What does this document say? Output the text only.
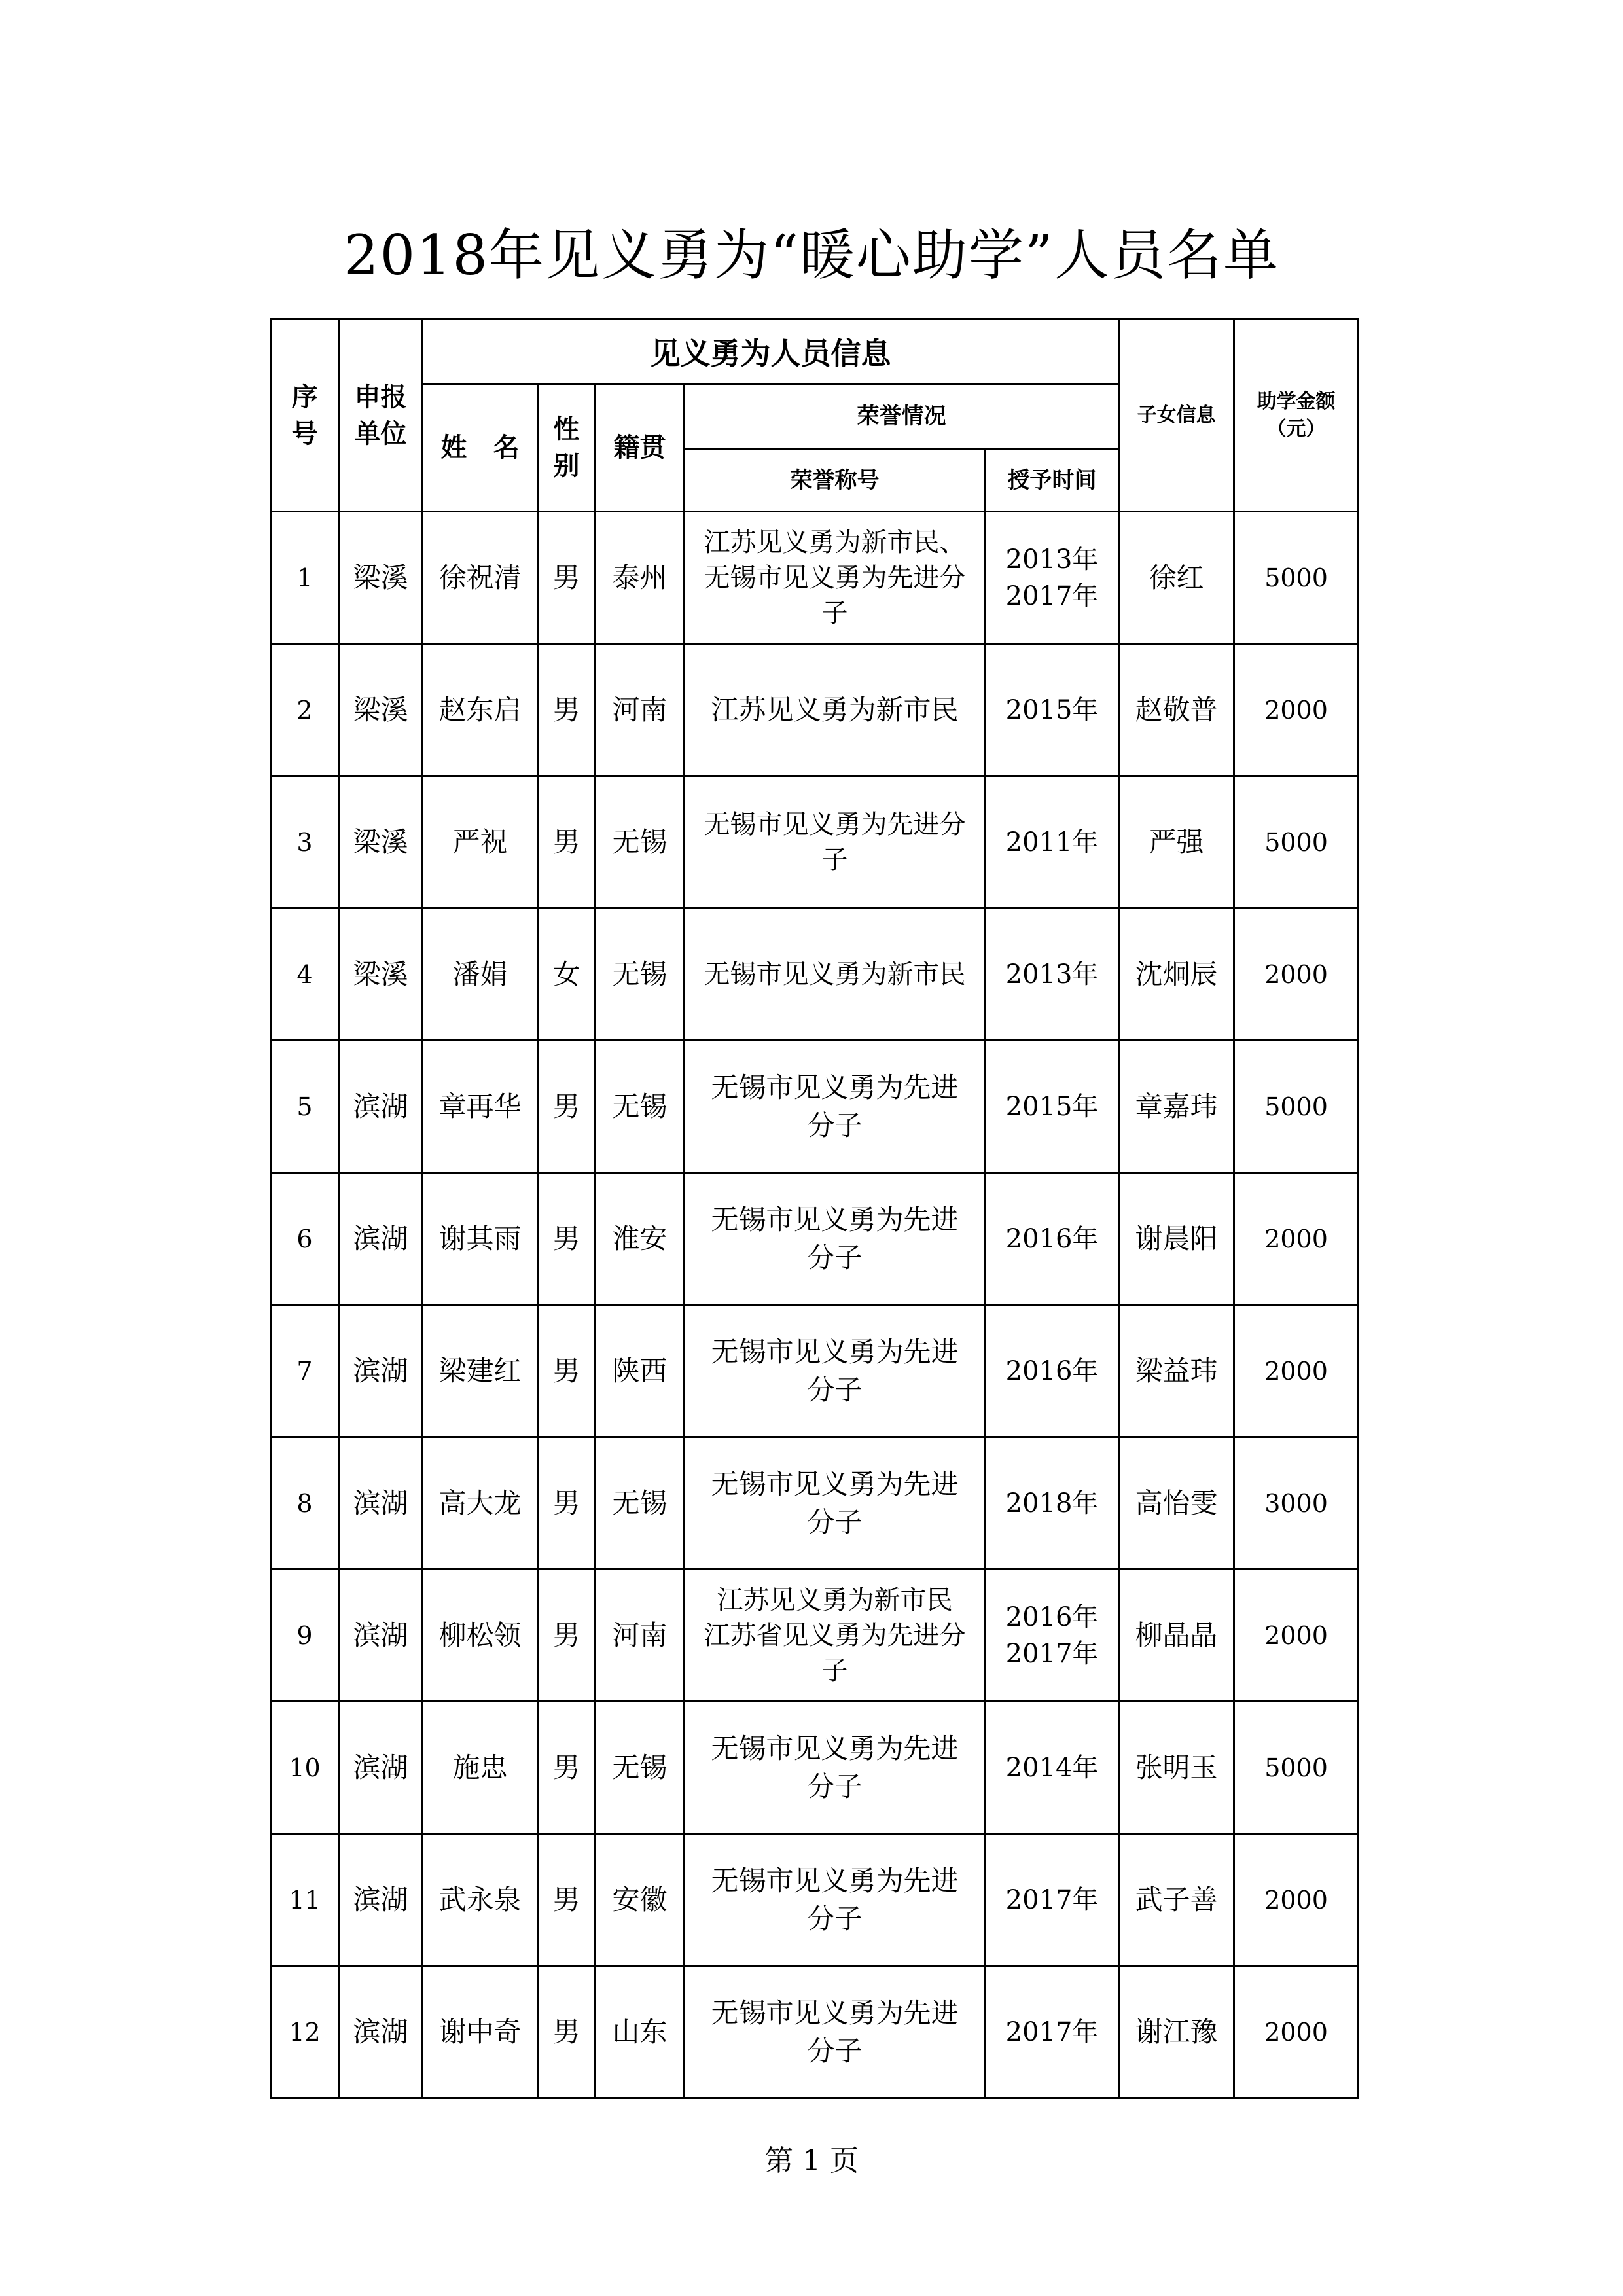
2018年见义勇为“暖心助学”人员名单
序号	申报单位	见义勇为人员信息					子女信息	助学金额（元）
		姓　名	性别	籍贯	荣誉情况			
					荣誉称号	授予时间		
1	梁溪	徐祝清	男	泰州	江苏见义勇为新市民、无锡市见义勇为先进分子	2013年 2017年	徐红	5000
2	梁溪	赵东启	男	河南	江苏见义勇为新市民	2015年	赵敬普	2000
3	梁溪	严祝	男	无锡	无锡市见义勇为先进分子	2011年	严强	5000
4	梁溪	潘娟	女	无锡	无锡市见义勇为新市民	2013年	沈炯辰	2000
5	滨湖	章再华	男	无锡	无锡市见义勇为先进分子	2015年	章嘉玮	5000
6	滨湖	谢其雨	男	淮安	无锡市见义勇为先进分子	2016年	谢晨阳	2000
7	滨湖	梁建红	男	陕西	无锡市见义勇为先进分子	2016年	梁益玮	2000
8	滨湖	高大龙	男	无锡	无锡市见义勇为先进分子	2018年	高怡雯	3000
9	滨湖	柳松领	男	河南	江苏见义勇为新市民　　　江苏省见义勇为先进分子	2016年 2017年	柳晶晶	2000
10	滨湖	施忠	男	无锡	无锡市见义勇为先进分子	2014年	张明玉	5000
11	滨湖	武永泉	男	安徽	无锡市见义勇为先进分子	2017年	武子善	2000
12	滨湖	谢中奇	男	山东	无锡市见义勇为先进分子	2017年	谢江豫	2000
第 1 页
